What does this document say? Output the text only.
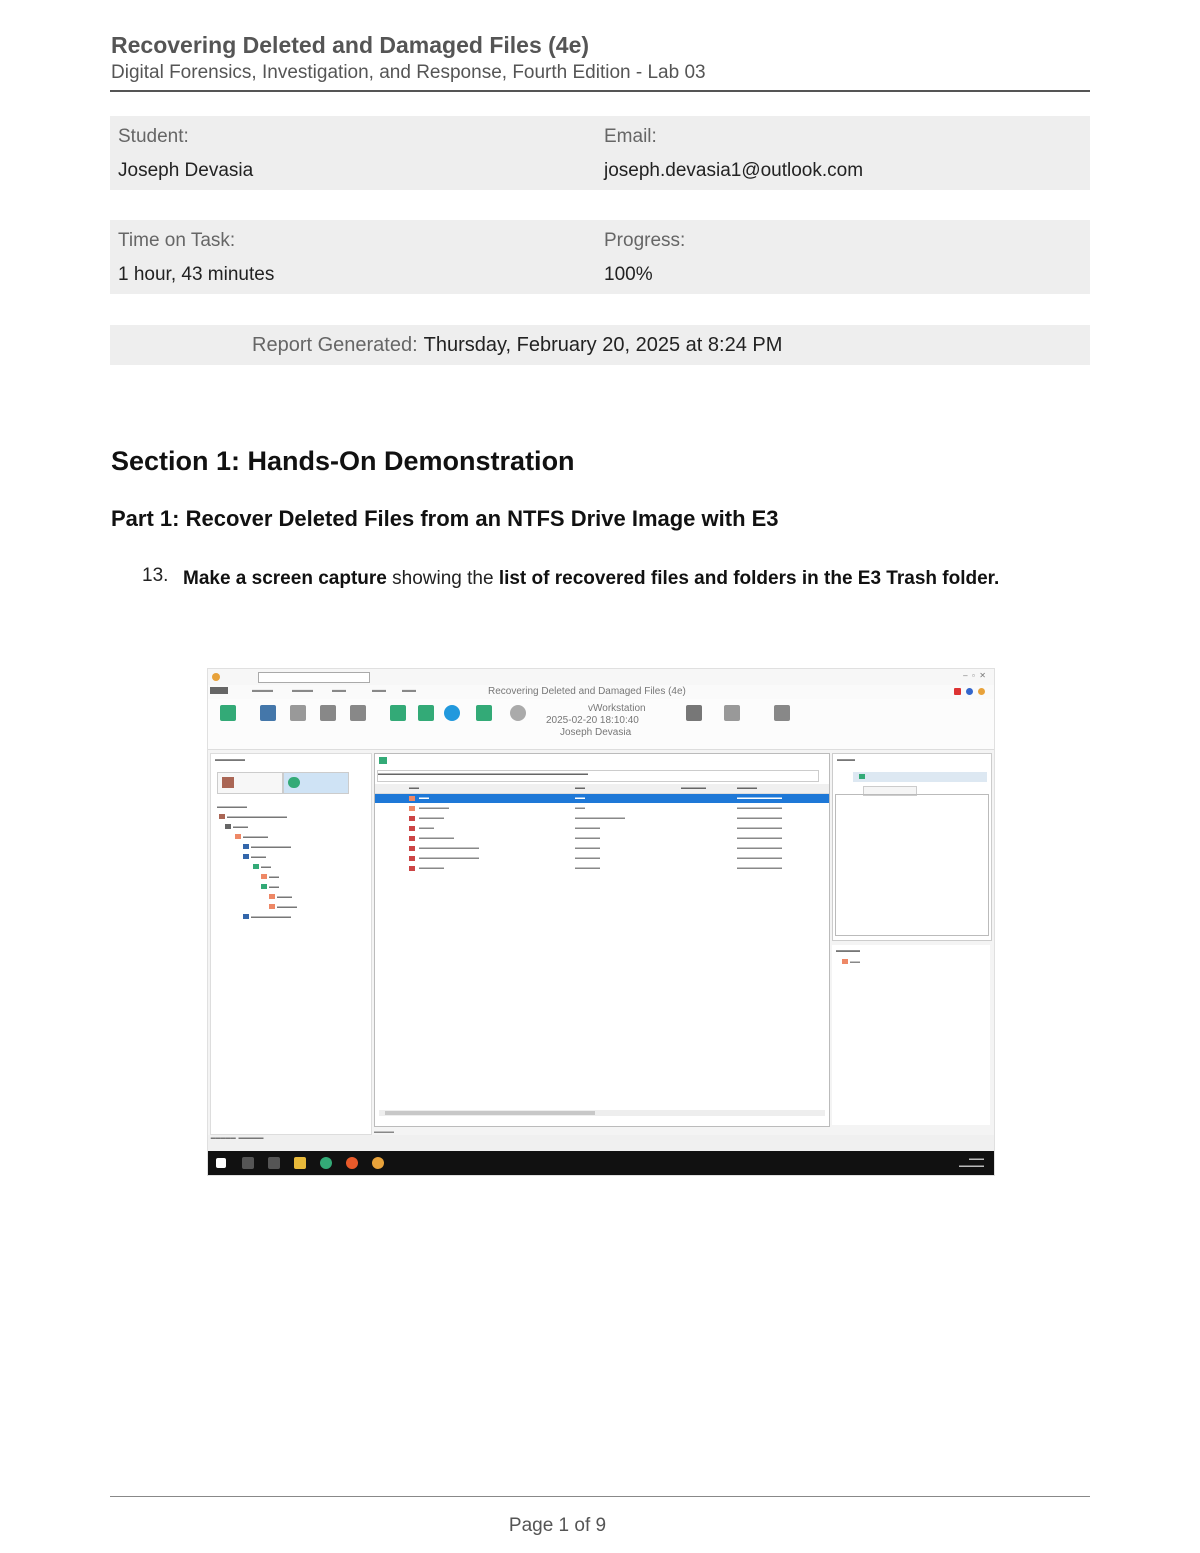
Recovering Deleted and Damaged Files (4e)
Digital Forensics, Investigation, and Response, Fourth Edition - Lab 03
Student:
Joseph Devasia
Email:
joseph.devasia1@outlook.com
Time on Task:
1 hour, 43 minutes
Progress:
100%
Report Generated: Thursday, February 20, 2025 at 8:24 PM
Section 1: Hands-On Demonstration
Part 1: Recover Deleted Files from an NTFS Drive Image with E3
13. Make a screen capture showing the list of recovered files and folders in the E3 Trash folder.
–  ▫  ✕

▬▬▬	▬▬▬	▬▬	▬▬ ▬▬	Recovering Deleted and Damaged Files (4e)
vWorkstation
2025-02-20 18:10:40
Joseph Devasia
▬▬▬▬▬
▬▬▬▬▬▬
▬▬▬▬▬▬▬▬▬▬▬▬
▬▬▬
▬▬▬▬▬
▬▬▬▬▬▬▬▬
▬▬▬
▬▬
▬▬
▬▬
▬▬▬
▬▬▬▬
▬▬▬▬▬▬▬▬
▬▬▬▬▬▬▬▬▬▬▬▬▬▬▬▬▬▬▬▬▬▬▬▬▬▬▬▬▬▬▬▬▬▬▬▬▬▬▬▬▬▬
▬▬	▬▬	▬▬▬▬▬	▬▬▬▬
▬▬	▬▬	▬▬▬▬▬▬▬▬▬
▬▬▬▬▬▬	▬▬	▬▬▬▬▬▬▬▬▬
▬▬▬▬▬	▬▬▬▬▬▬▬▬▬▬	▬▬▬▬▬▬▬▬▬
▬▬▬	▬▬▬▬▬	▬▬▬▬▬▬▬▬▬
▬▬▬▬▬▬▬	▬▬▬▬▬	▬▬▬▬▬▬▬▬▬
▬▬▬▬▬▬▬▬▬▬▬▬	▬▬▬▬▬	▬▬▬▬▬▬▬▬▬
▬▬▬▬▬▬▬▬▬▬▬▬	▬▬▬▬▬	▬▬▬▬▬▬▬▬▬
▬▬▬▬▬	▬▬▬▬▬	▬▬▬▬▬▬▬▬▬
▬▬▬▬
▬▬▬
▬▬▬▬
▬▬
▬▬▬▬▬  ▬▬▬▬▬
▬▬▬
▬▬▬▬▬
Page 1 of 9
